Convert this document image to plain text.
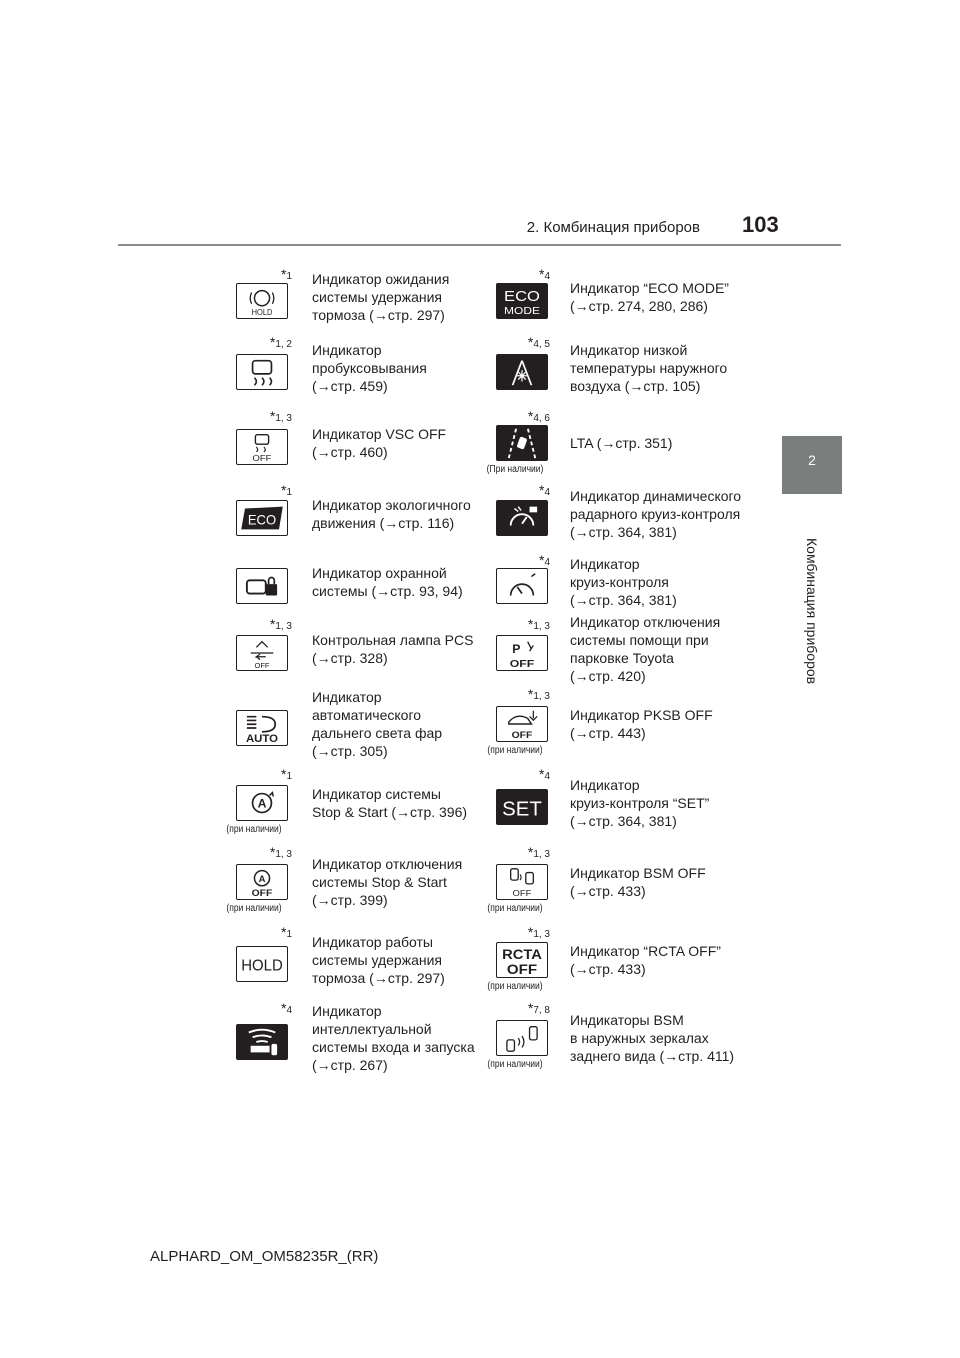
2. Комбинация приборов 103
2
Комбинация приборов
*1
HOLD
Индикатор ожидания
системы удержания
тормоза (→стр. 297)
*1, 2 Индикатор
пробуксовывания
(→стр. 459)
*1, 3
OFF
Индикатор VSC OFF
(→стр. 460)
*1
ECO
Индикатор экологичного
движения (→стр. 116)
Индикатор охранной
системы (→стр. 93, 94)
*1, 3
OFF
Контрольная лампа PCS
(→стр. 328)
AUTO
Индикатор
автоматического
дальнего света фар
(→стр. 305)
*1
A
(при наличии)
Индикатор системы
Stop & Start (→стр. 396)
*1, 3
A
OFF
(при наличии)
Индикатор отключения
системы Stop & Start
(→стр. 399)
*1
HOLD
Индикатор работы
системы удержания
тормоза (→стр. 297)
*4 Индикатор
интеллектуальной
системы входа и запуска
(→стр. 267)
*4
ECO
MODE
Индикатор “ECO MODE”
(→стр. 274, 280, 286)
*4, 5 Индикатор низкой
температуры наружного
воздуха (→стр. 105)
*4, 6
(При наличии)
LTA (→стр. 351)
*4 Индикатор динамического
радарного круиз-контроля
(→стр. 364, 381)
*4 Индикатор
круиз-контроля
(→стр. 364, 381)
*1, 3
P
OFF
Индикатор отключения
системы помощи при
парковке Toyota
(→стр. 420)
*1, 3
OFF
(при наличии)
Индикатор PKSB OFF
(→стр. 443)
*4
SET
Индикатор
круиз-контроля “SET”
(→стр. 364, 381)
*1, 3
OFF
(при наличии)
Индикатор BSM OFF
(→стр. 433)
*1, 3
RCTA
OFF
(при наличии)
Индикатор “RCTA OFF”
(→стр. 433)
*7, 8
(при наличии)
Индикаторы BSM
в наружных зеркалах
заднего вида (→стр. 411)
ALPHARD_OM_OM58235R_(RR)
